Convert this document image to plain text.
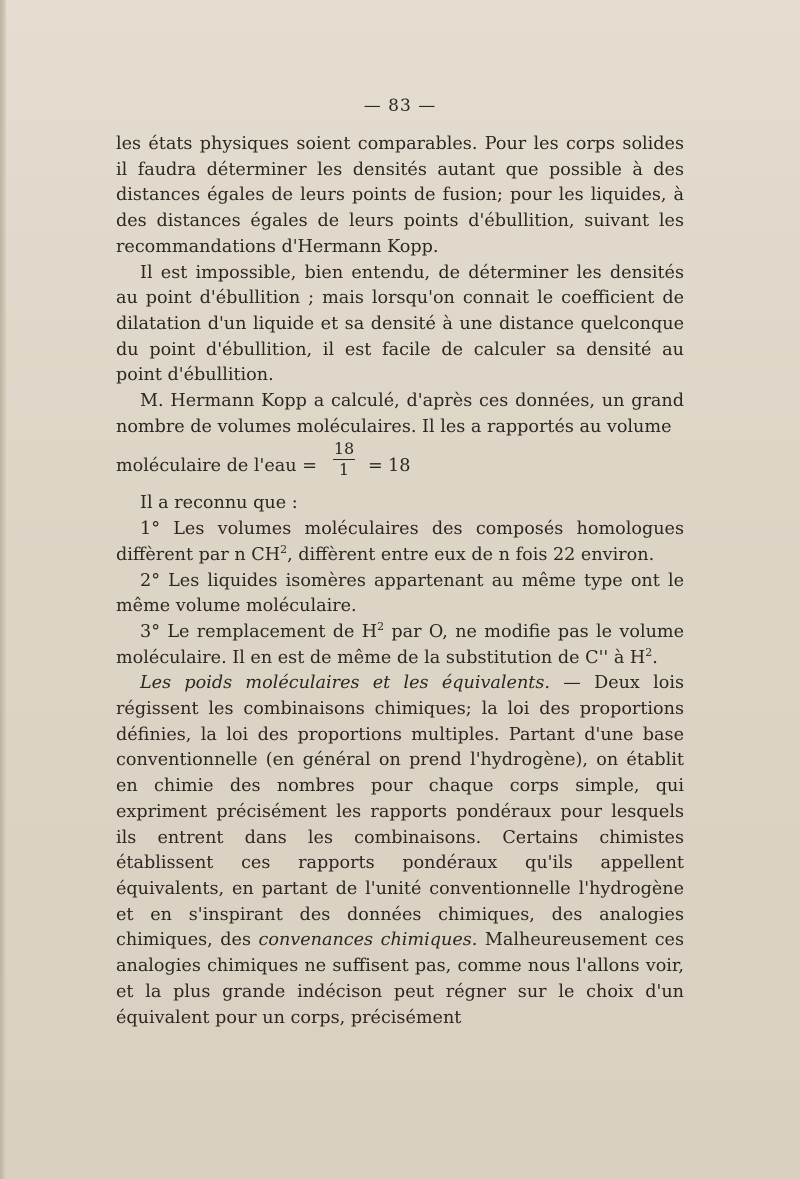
— 83 —

les états physiques soient comparables. Pour les corps solides il faudra déterminer les densités autant que possible à des distances égales de leurs points de fusion; pour les liquides, à des distances égales de leurs points d'ébullition, suivant les recommandations d'Hermann Kopp.

Il est impossible, bien entendu, de déterminer les densités au point d'ébullition ; mais lorsqu'on connait le coefficient de dilatation d'un liquide et sa densité à une distance quelconque du point d'ébullition, il est facile de calculer sa densité au point d'ébullition.

M. Hermann Kopp a calculé, d'après ces données, un grand nombre de volumes moléculaires. Il les a rapportés au volume

moléculaire de l'eau =
18
1	= 18

Il a reconnu que :

1° Les volumes moléculaires des composés homologues diffèrent par n $CH^2$, diffèrent entre eux de n fois 22 environ.

2° Les liquides isomères appartenant au même type ont le même volume moléculaire.

3° Le remplacement de $H^2$ par O, ne modifie pas le volume moléculaire. Il en est de même de la substitution de C'' à $H^2$.

Les poids moléculaires et les équivalents. — Deux lois régissent les combinaisons chimiques; la loi des proportions définies, la loi des proportions multiples. Partant d'une base conventionnelle (en général on prend l'hydrogène), on établit en chimie des nombres pour chaque corps simple, qui expriment précisément les rapports pondéraux pour lesquels ils entrent dans les combinaisons. Certains chimistes établissent ces rapports pondéraux qu'ils appellent équivalents, en partant de l'unité conventionnelle l'hydrogène et en s'inspirant des données chimiques, des analogies chimiques, des convenances chimiques. Malheureusement ces analogies chimiques ne suffisent pas, comme nous l'allons voir, et la plus grande indécison peut régner sur le choix d'un équivalent pour un corps, précisément
